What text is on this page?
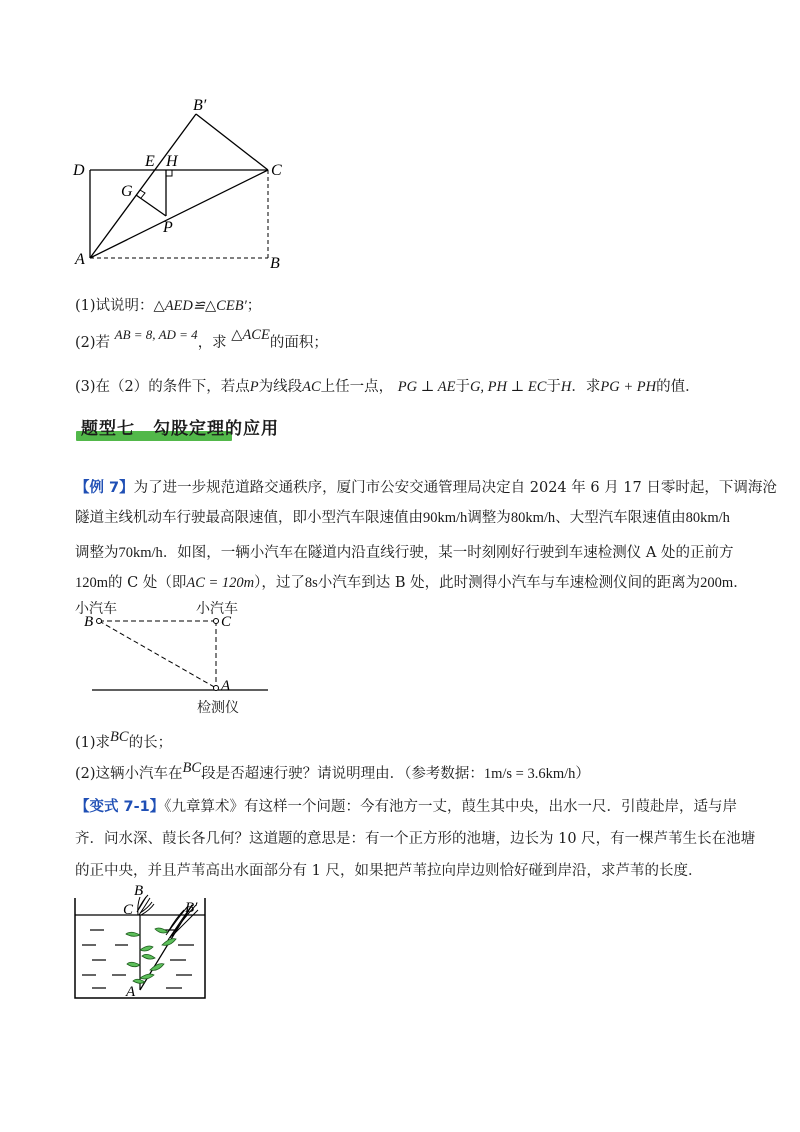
B′
D
E H
C
G
P
A	B
(1)试说明：△AED≌△CEB′；
(2)若 AB = 8, AD = 4，求 △ACE的面积；
(3)在（2）的条件下，若点P为线段AC上任一点， PG ⊥ AE于G, PH ⊥ EC于H．求PG + PH的值．
题型七　勾股定理的应用
【例 7】为了进一步规范道路交通秩序，厦门市公安交通管理局决定自 2024 年 6 月 17 日零时起，下调海沧
隧道主线机动车行驶最高限速值，即小型汽车限速值由90km/h调整为80km/h、大型汽车限速值由80km/h
调整为70km/h．如图，一辆小汽车在隧道内沿直线行驶，某一时刻刚好行驶到车速检测仪 A 处的正前方
120m的 C 处（即AC = 120m），过了8s小汽车到达 B 处，此时测得小汽车与车速检测仪间的距离为200m．
小汽车	小汽车
B	C
A
检测仪
(1)求BC的长；
(2)这辆小汽车在BC段是否超速行驶？请说明理由．（参考数据：1m/s = 3.6km/h）
【变式 7-1】《九章算术》有这样一个问题：今有池方一丈，葭生其中央，出水一尺．引葭赴岸，适与岸
齐．问水深、葭长各几何？这道题的意思是：有一个正方形的池塘，边长为 10 尺，有一棵芦苇生长在池塘
的正中央，并且芦苇高出水面部分有 1 尺，如果把芦苇拉向岸边则恰好碰到岸沿，求芦苇的长度．
B
C	B′
A
